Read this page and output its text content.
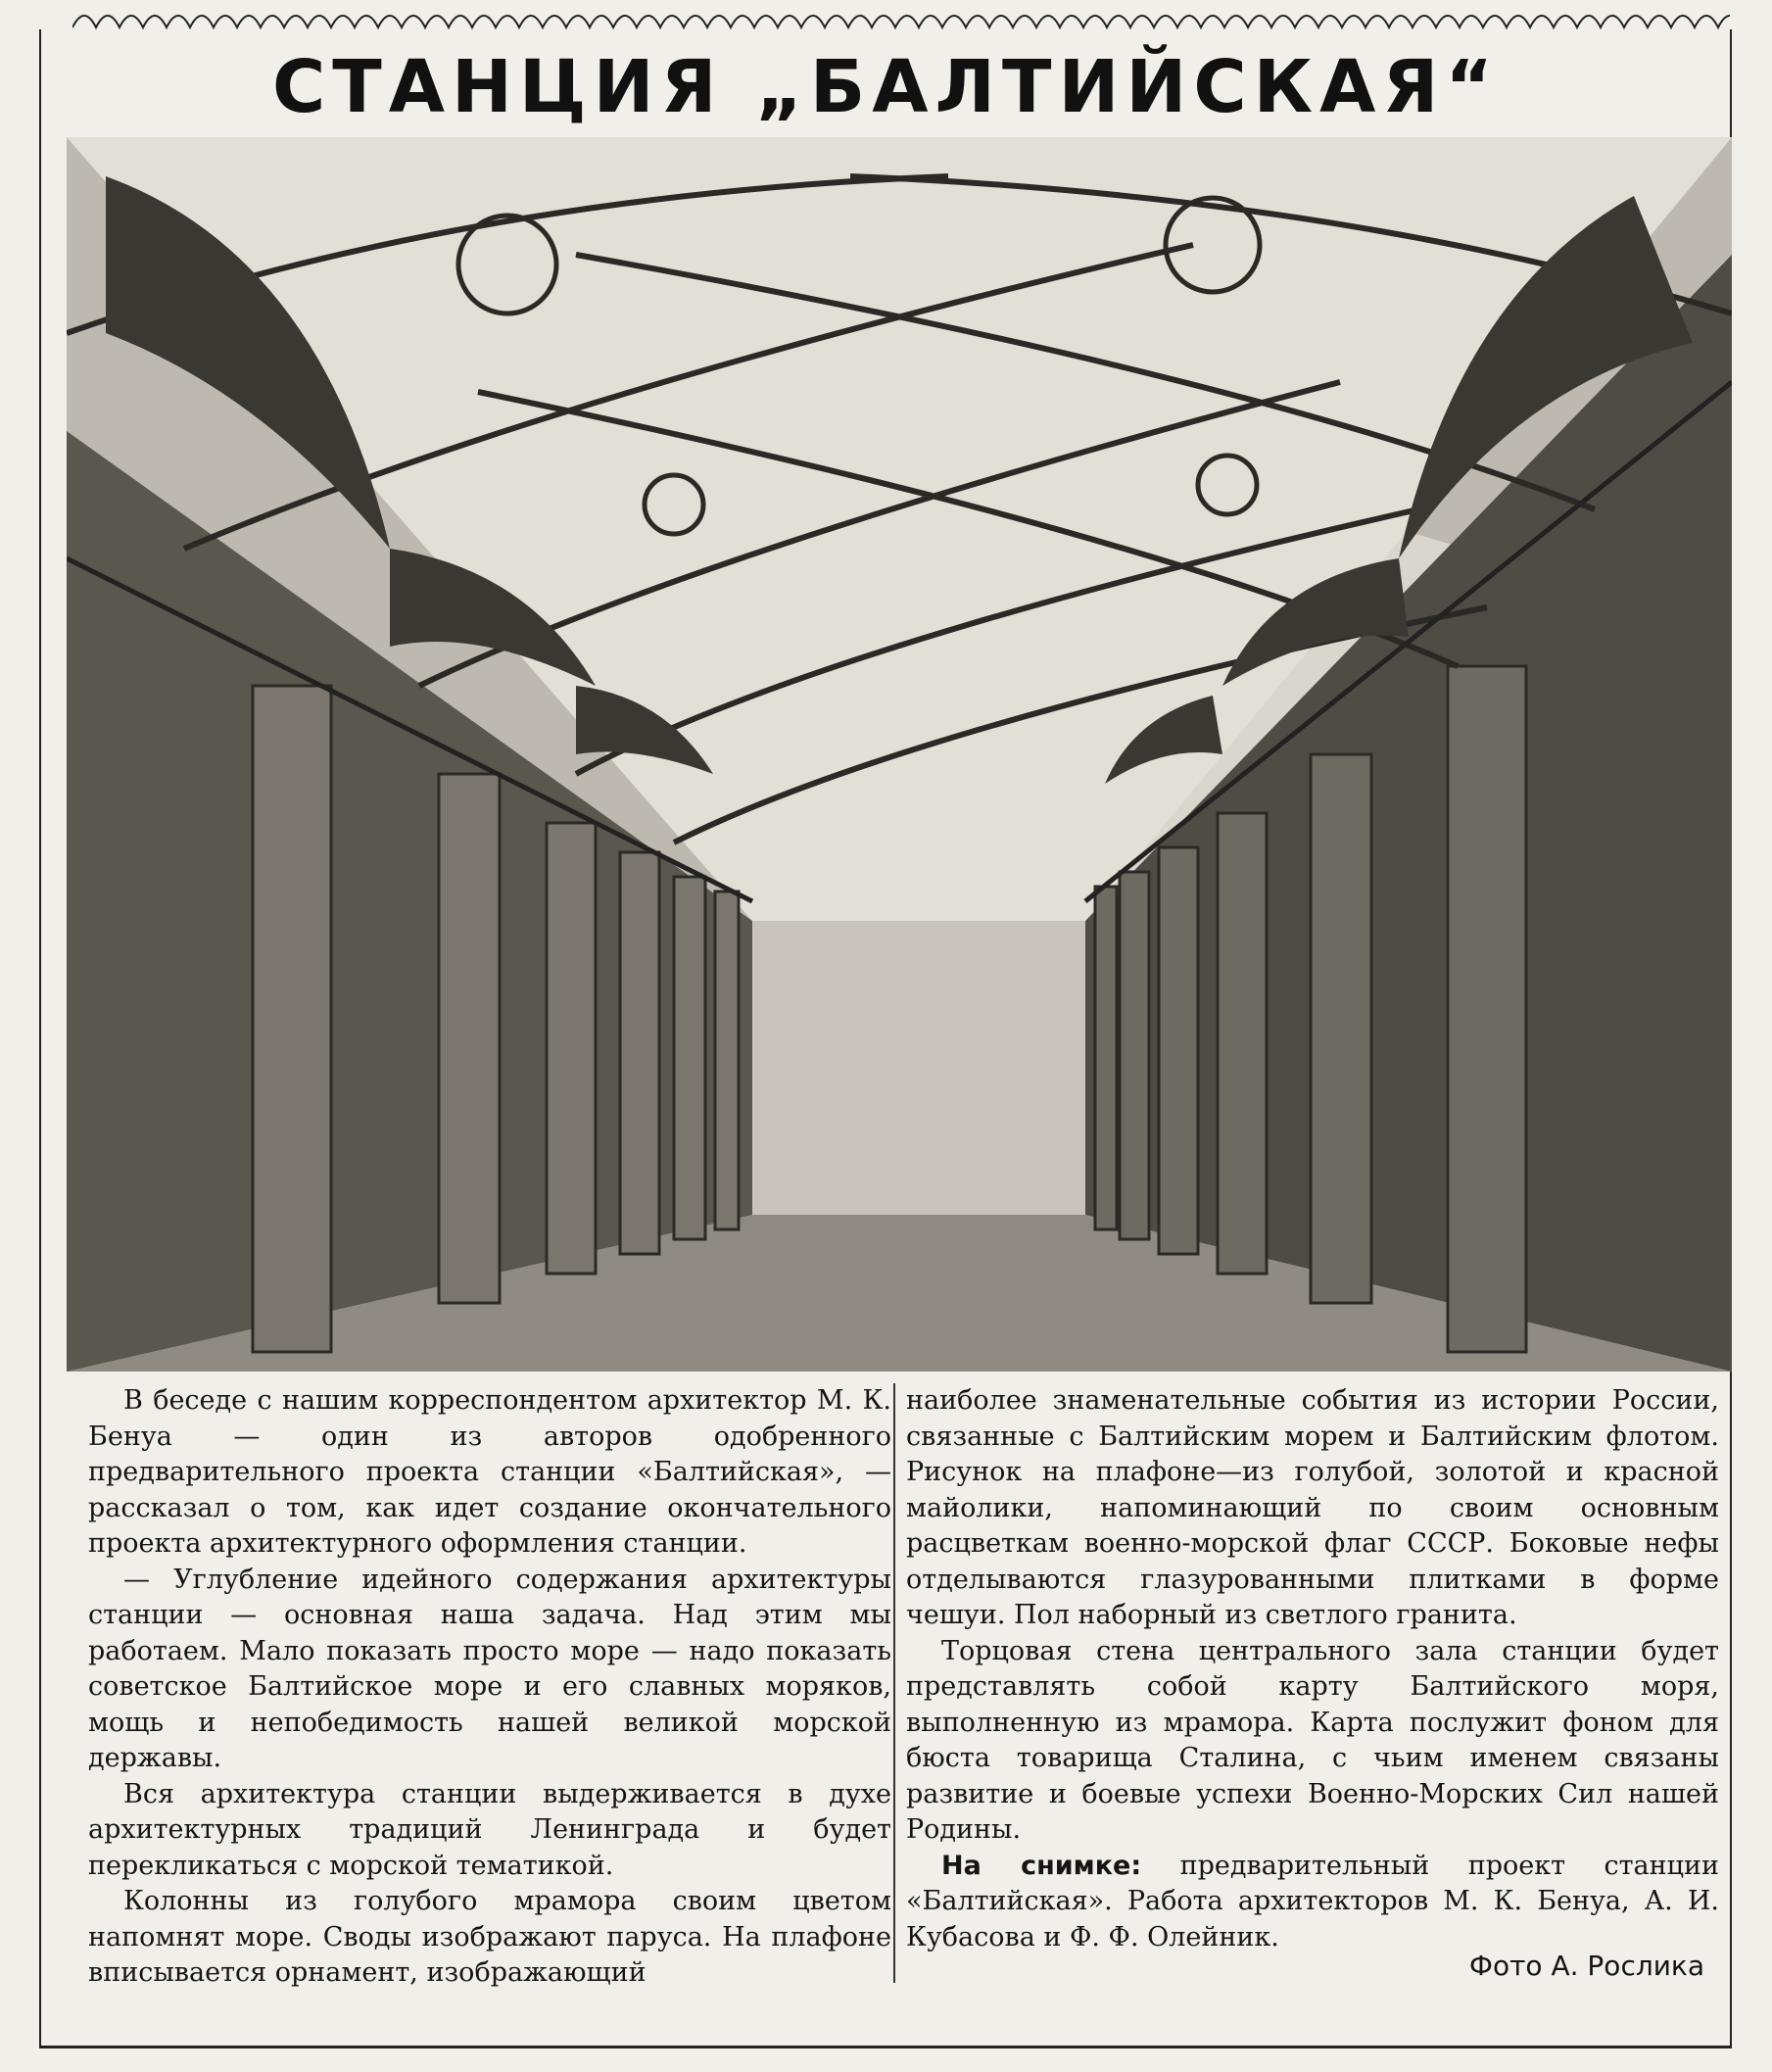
СТАНЦИЯ „БАЛТИЙСКАЯ“

В беседе с нашим корреспондентом архитектор М. К. Бенуа — один из авторов одобренного предварительного проекта станции «Балтийская», — рассказал о том, как идет создание окончательного проекта архитектурного оформления станции.

— Углубление идейного содержания архитектуры станции — основная наша задача. Над этим мы работаем. Мало показать просто море — надо показать советское Балтийское море и его славных моряков, мощь и непобедимость нашей великой морской державы.

Вся архитектура станции выдерживается в духе архитектурных традиций Ленинграда и будет перекликаться с морской тематикой.

Колонны из голубого мрамора своим цветом напомнят море. Своды изображают паруса. На плафоне вписывается орнамент, изображающий

наиболее знаменательные события из истории России, связанные с Балтийским морем и Балтийским флотом. Рисунок на плафоне—из голубой, золотой и красной майолики, напоминающий по своим основным расцветкам военно-морской флаг СССР. Боковые нефы отделываются глазурованными плитками в форме чешуи. Пол наборный из светлого гранита.

Торцовая стена центрального зала станции будет представлять собой карту Балтийского моря, выполненную из мрамора. Карта послужит фоном для бюста товарища Сталина, с чьим именем связаны развитие и боевые успехи Военно-Морских Сил нашей Родины.

На снимке: предварительный проект станции «Балтийская». Работа архитекторов М. К. Бенуа, А. И. Кубасова и Ф. Ф. Олейник.

Фото А. Рослика
